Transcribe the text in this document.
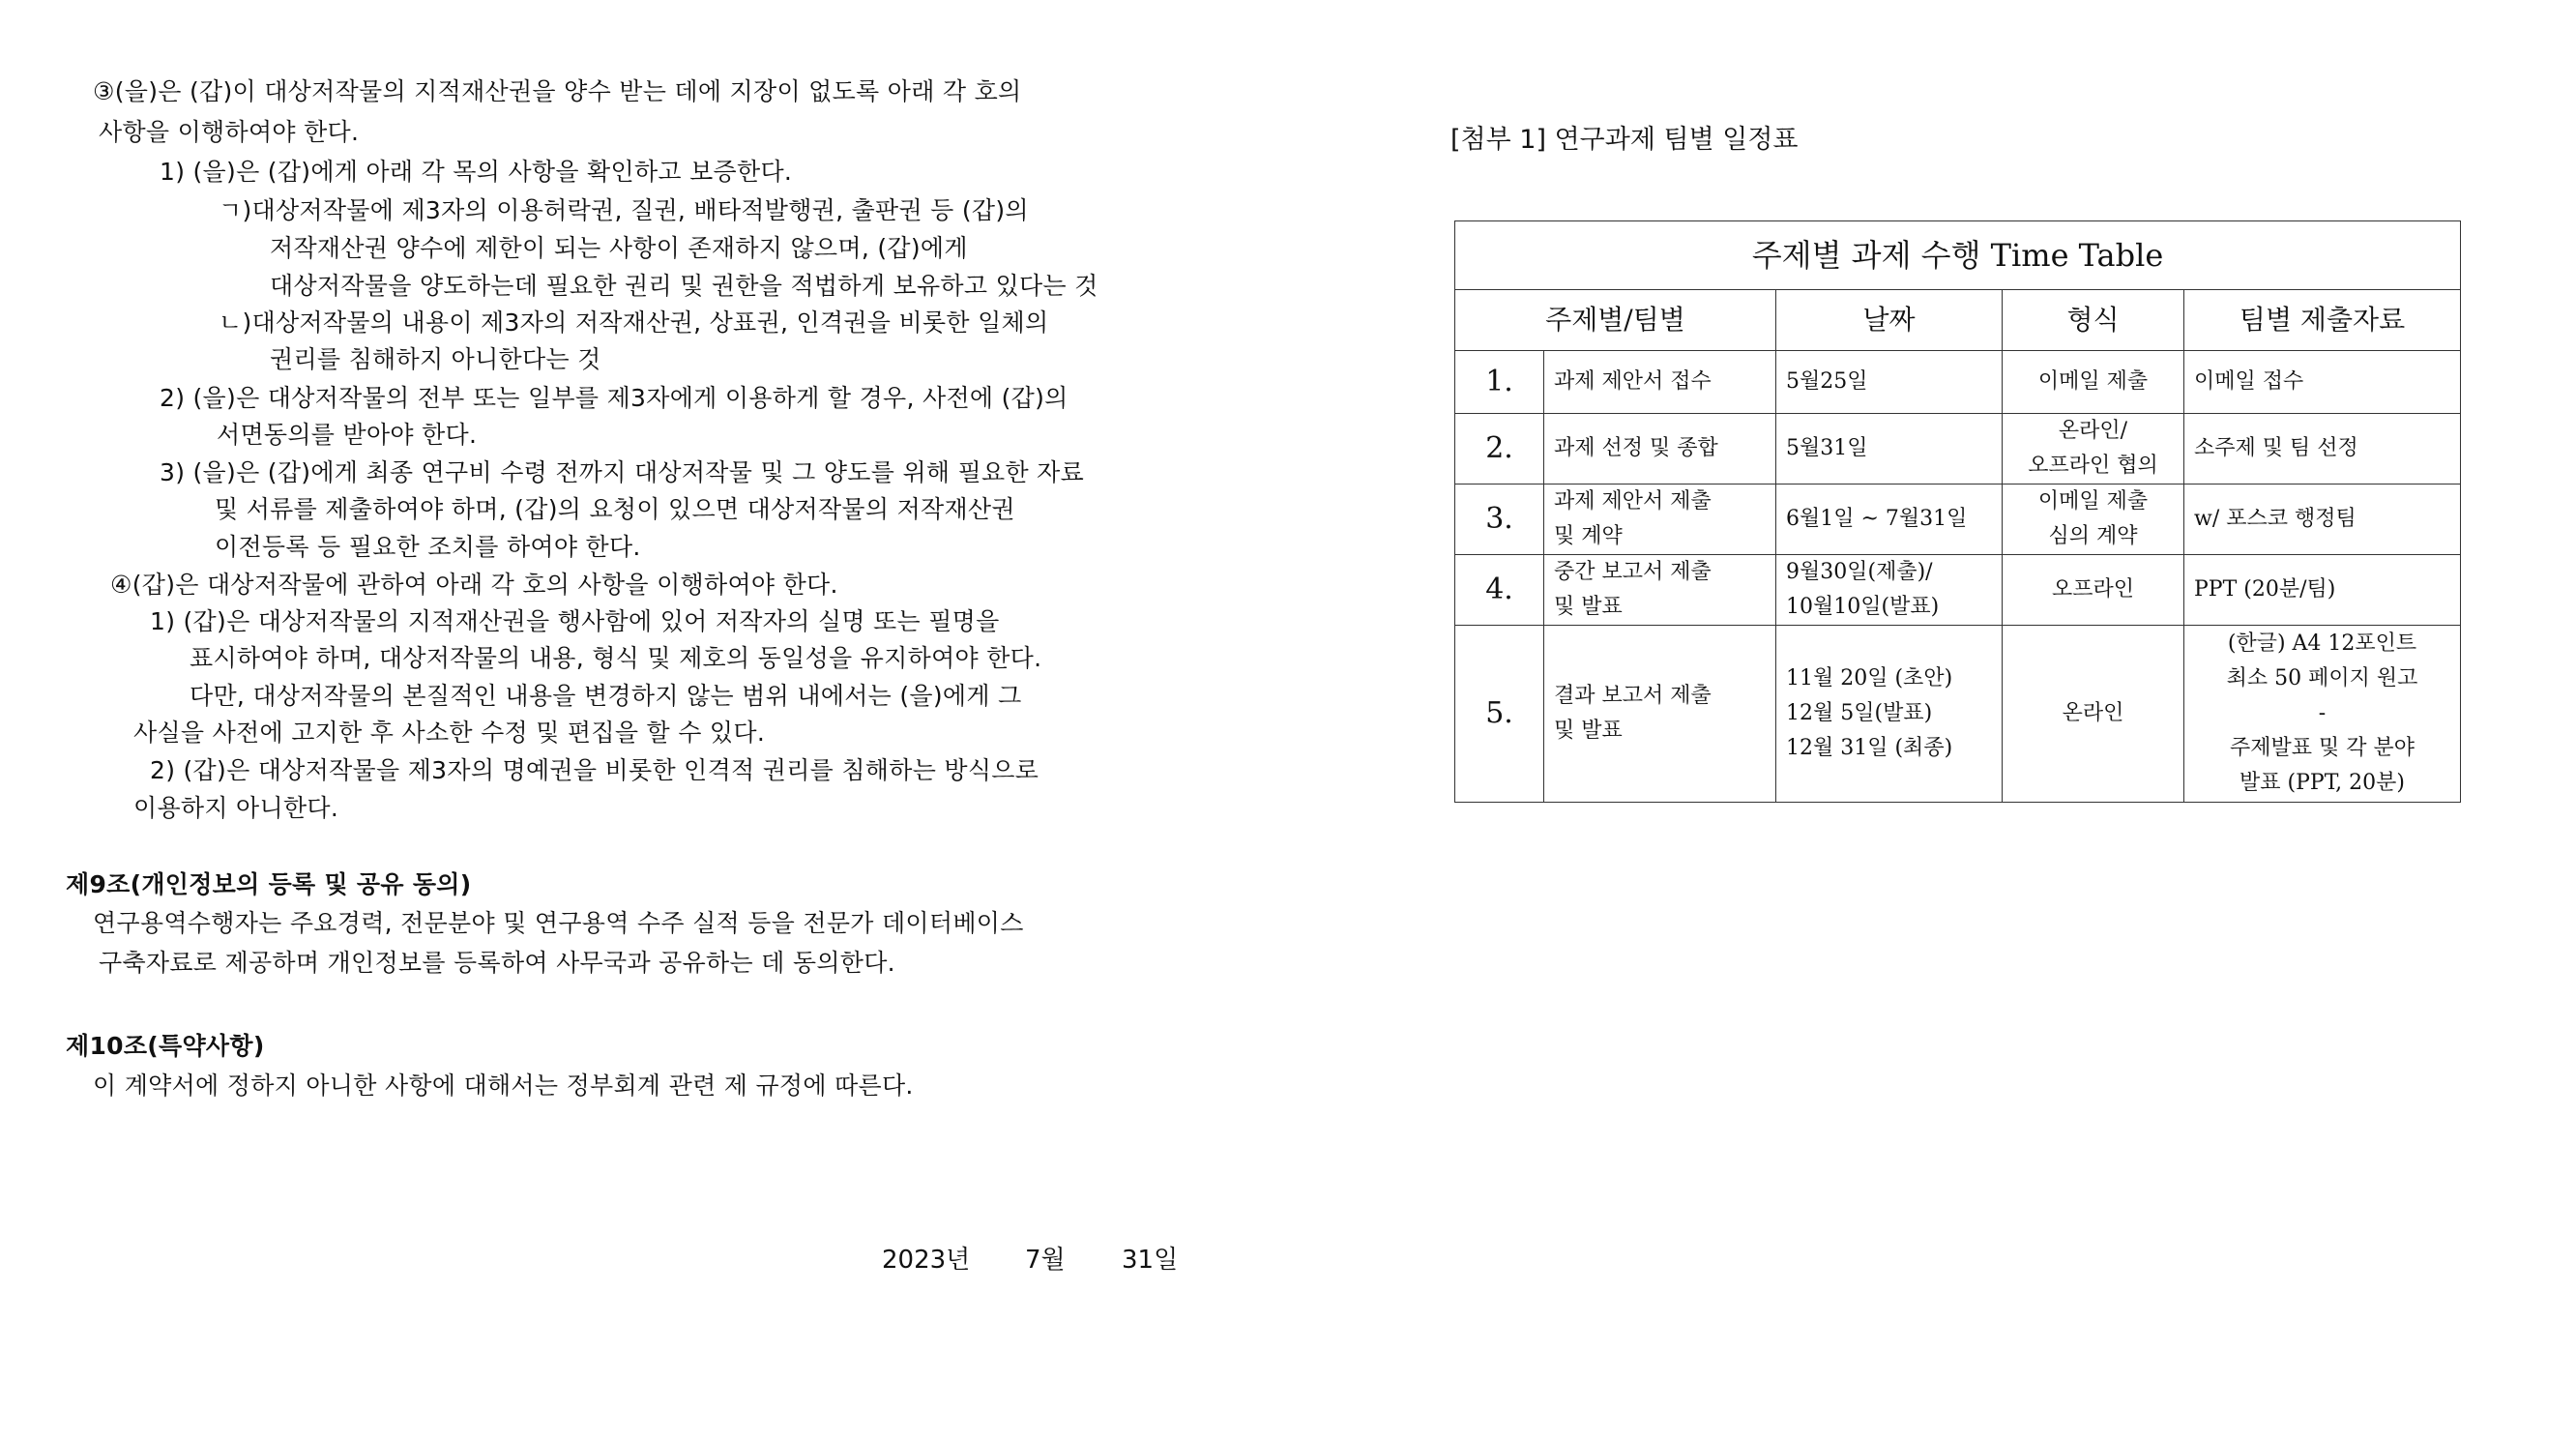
③(을)은 (갑)이 대상저작물의 지적재산권을 양수 받는 데에 지장이 없도록 아래 각 호의
사항을 이행하여야 한다.
1) (을)은 (갑)에게 아래 각 목의 사항을 확인하고 보증한다.
ㄱ)대상저작물에 제3자의 이용허락권, 질권, 배타적발행권, 출판권 등 (갑)의
저작재산권 양수에 제한이 되는 사항이 존재하지 않으며, (갑)에게
대상저작물을 양도하는데 필요한 권리 및 권한을 적법하게 보유하고 있다는 것
ㄴ)대상저작물의 내용이 제3자의 저작재산권, 상표권, 인격권을 비롯한 일체의
권리를 침해하지 아니한다는 것
2) (을)은 대상저작물의 전부 또는 일부를 제3자에게 이용하게 할 경우, 사전에 (갑)의
서면동의를 받아야 한다.
3) (을)은 (갑)에게 최종 연구비 수령 전까지 대상저작물 및 그 양도를 위해 필요한 자료
및 서류를 제출하여야 하며, (갑)의 요청이 있으면 대상저작물의 저작재산권
이전등록 등 필요한 조치를 하여야 한다.
④(갑)은 대상저작물에 관하여 아래 각 호의 사항을 이행하여야 한다.
1) (갑)은 대상저작물의 지적재산권을 행사함에 있어 저작자의 실명 또는 필명을
표시하여야 하며, 대상저작물의 내용, 형식 및 제호의 동일성을 유지하여야 한다.
다만, 대상저작물의 본질적인 내용을 변경하지 않는 범위 내에서는 (을)에게 그
사실을 사전에 고지한 후 사소한 수정 및 편집을 할 수 있다.
2) (갑)은 대상저작물을 제3자의 명예권을 비롯한 인격적 권리를 침해하는 방식으로
이용하지 아니한다.
제9조(개인정보의 등록 및 공유 동의)
연구용역수행자는 주요경력, 전문분야 및 연구용역 수주 실적 등을 전문가 데이터베이스
구축자료로 제공하며 개인정보를 등록하여 사무국과 공유하는 데 동의한다.
제10조(특약사항)
이 계약서에 정하지 아니한 사항에 대해서는 정부회계 관련 제 규정에 따른다.
2023년 7월 31일
[첨부 1] 연구과제 팀별 일정표
주제별 과제 수행 Time Table				
주제별/팀별		날짜	형식	팀별 제출자료
1.	과제 제안서 접수	5월25일	이메일 제출	이메일 접수

2.	과제 선정 및 종합	5월31일	온라인/
오프라인 협의	소주제 및 팀 선정

3.	과제 제안서 제출
및 계약	6월1일 ~ 7월31일	이메일 제출
심의 계약	w/ 포스코 행정팀

4.	중간 보고서 제출
및 발표	9월30일(제출)/
10월10일(발표)	오프라인	PPT (20분/팀)

5.	결과 보고서 제출
및 발표	11월 20일 (초안)
12월 5일(발표)
12월 31일 (최종)	온라인	(한글) A4 12포인트
최소 50 페이지 원고
-
주제발표 및 각 분야
발표 (PPT, 20분)
